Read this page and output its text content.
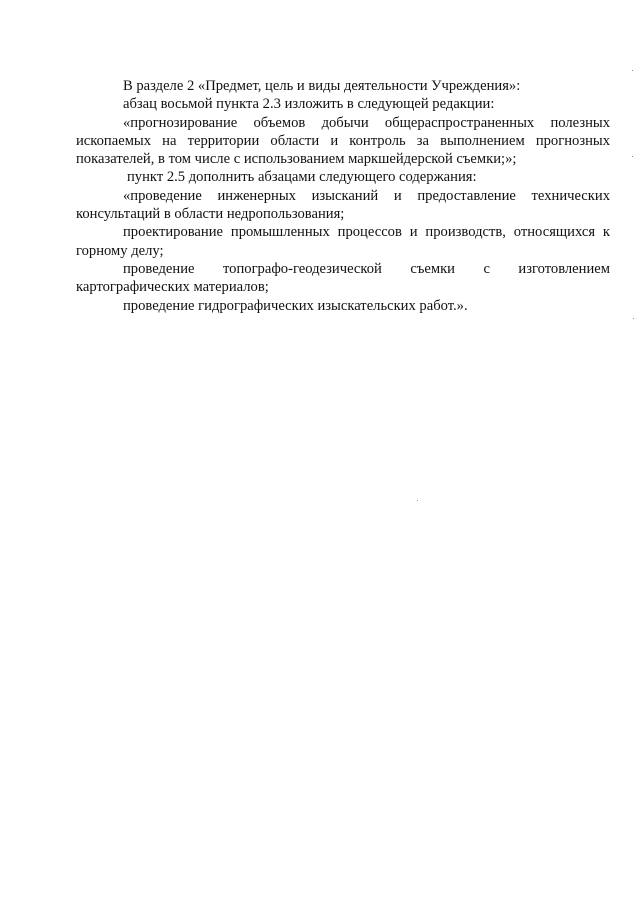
В разделе 2 «Предмет, цель и виды деятельности Учреждения»:

абзац восьмой пункта 2.3 изложить в следующей редакции:

«прогнозирование объемов добычи общераспространенных полезных ископаемых на территории области и контроль за выполнением прогнозных показателей, в том числе с использованием маркшейдерской съемки;»;

пункт 2.5 дополнить абзацами следующего содержания:

«проведение инженерных изысканий и предоставление технических консультаций в области недропользования;

проектирование промышленных процессов и производств, относящихся к горному делу;

проведение топографо-геодезической съемки с изготовлением картографических материалов;

проведение гидрографических изыскательских работ.».
